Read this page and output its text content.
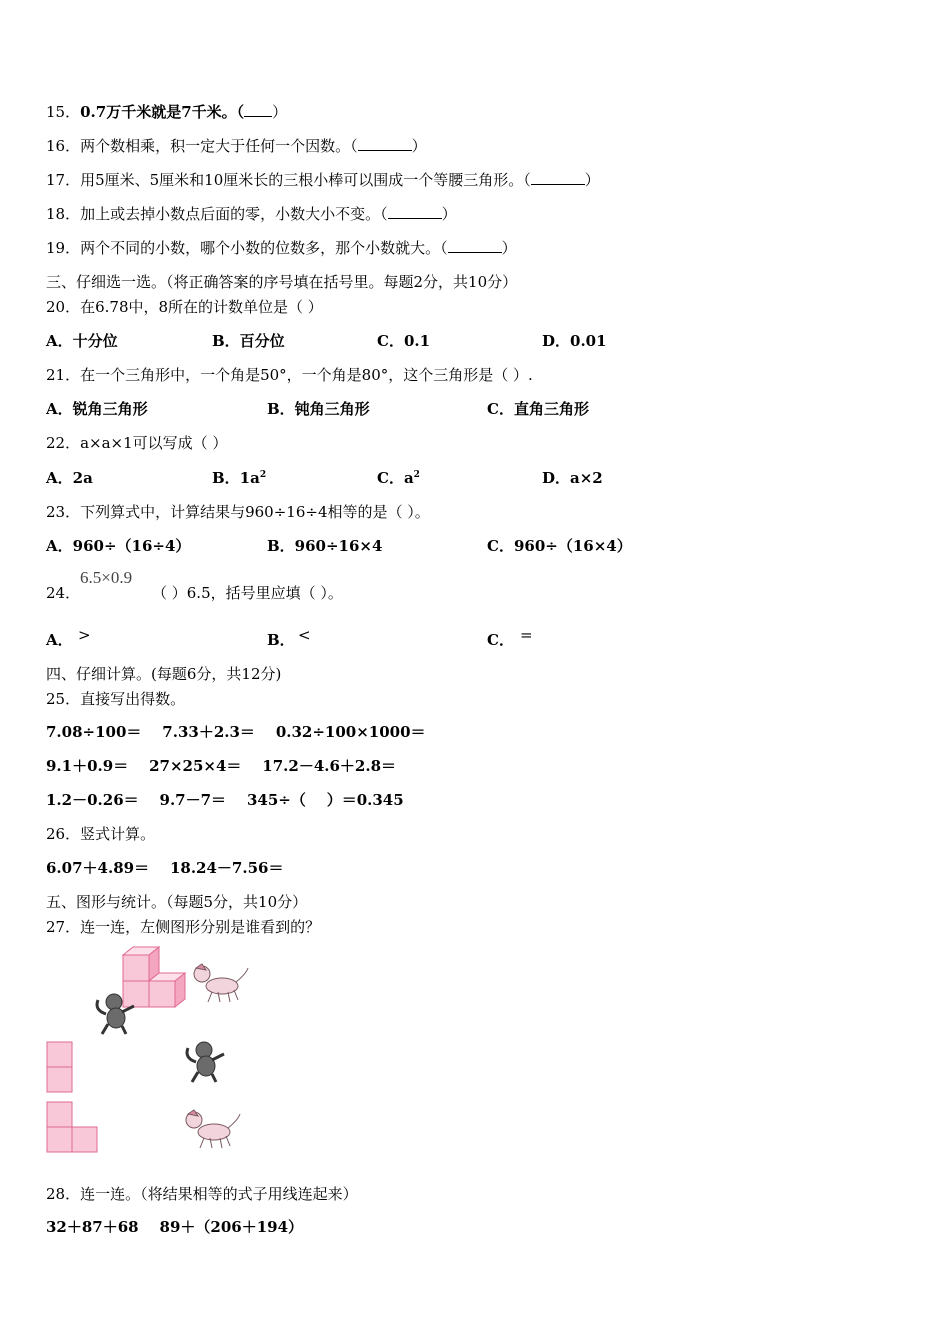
15．0.7万千米就是7千米。（ ）
16．两个数相乘，积一定大于任何一个因数。（	）
17．用5厘米、5厘米和10厘米长的三根小棒可以围成一个等腰三角形。（	）
18．加上或去掉小数点后面的零，小数大小不变。（	）
19．两个不同的小数，哪个小数的位数多，那个小数就大。（	）
三、仔细选一选。（将正确答案的序号填在括号里。每题2分，共10分）
20．在6.78中，8所在的计数单位是（ ）
A．十分位	B．百分位	C．0.1	D．0.01
21．在一个三角形中，一个角是50°，一个角是80°，这个三角形是（ ）.
A．锐角三角形	B．钝角三角形	C．直角三角形
22．a×a×1可以写成（ ）
A．2a	B．$1a^2$	C．$a^2$	D．a×2
23．下列算式中，计算结果与960÷16÷4相等的是（ ）。
A．960÷（16÷4）	B．960÷16×4	C．960÷（16×4）
24．
6.5×0.9
（ ）6.5，括号里应填（ ）。
A． >	B． <	C． =
四、仔细计算。(每题6分，共12分)
25．直接写出得数。
7.08÷100＝    7.33＋2.3＝    0.32÷100×1000＝
9.1＋0.9＝    27×25×4＝    17.2－4.6＋2.8＝
1.2－0.26＝    9.7－7＝    345÷（    ）＝0.345
26．竖式计算。
6.07＋4.89＝    18.24－7.56＝
五、图形与统计。（每题5分，共10分）
27．连一连，左侧图形分别是谁看到的？
28．连一连。（将结果相等的式子用线连起来）
32＋87＋68    89＋（206＋194）
